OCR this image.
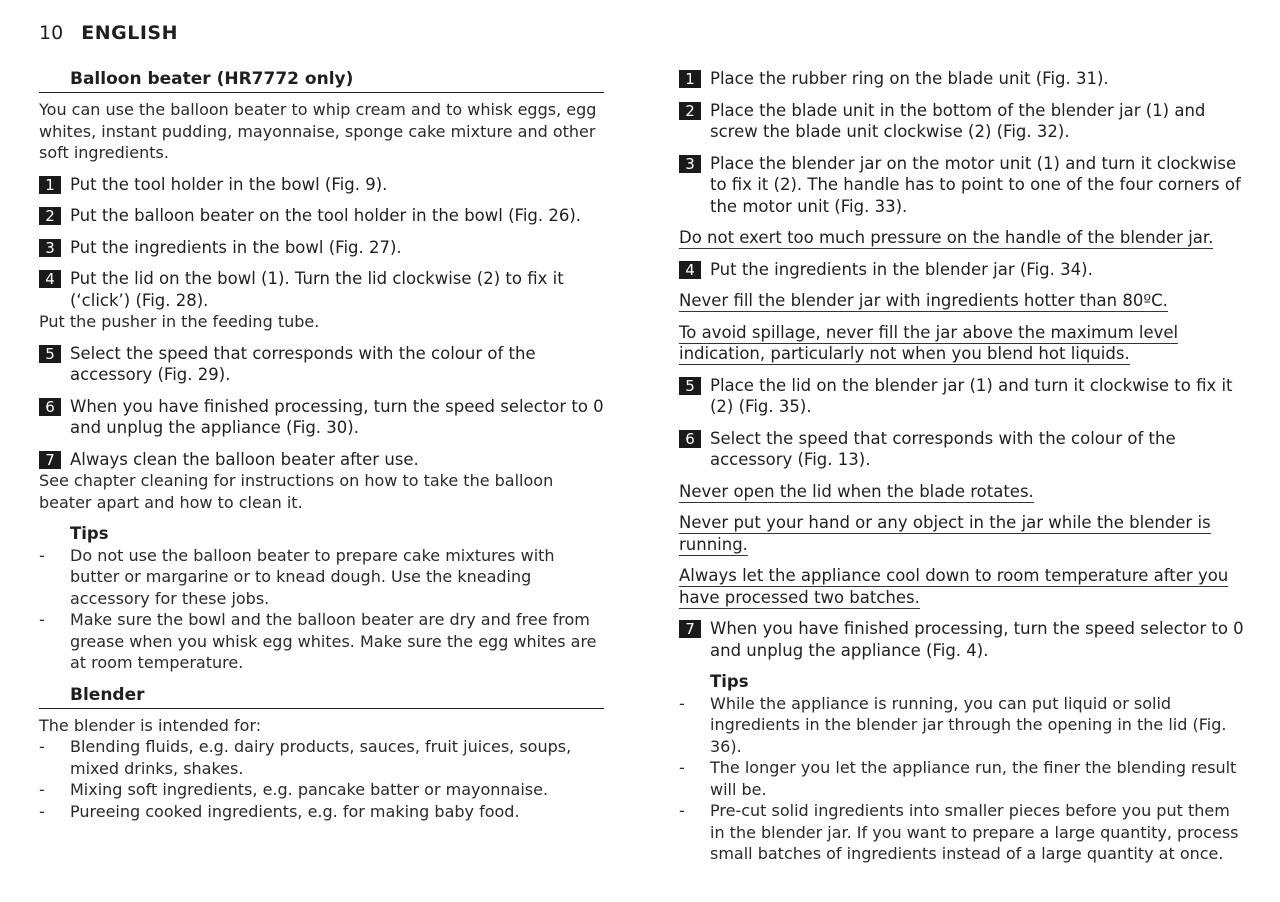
10 ENGLISH
Balloon beater (HR7772 only)
You can use the balloon beater to whip cream and to whisk eggs, egg whites, instant pudding, mayonnaise, sponge cake mixture and other soft ingredients.
1 Put the tool holder in the bowl (Fig. 9).
2 Put the balloon beater on the tool holder in the bowl (Fig. 26).
3 Put the ingredients in the bowl (Fig. 27).
4 Put the lid on the bowl (1). Turn the lid clockwise (2) to fix it (‘click’) (Fig. 28).
Put the pusher in the feeding tube.
5 Select the speed that corresponds with the colour of the accessory (Fig. 29).
6 When you have finished processing, turn the speed selector to 0 and unplug the appliance (Fig. 30).
7 Always clean the balloon beater after use.
See chapter cleaning for instructions on how to take the balloon beater apart and how to clean it.
Tips
- Do not use the balloon beater to prepare cake mixtures with butter or margarine or to knead dough. Use the kneading accessory for these jobs.
- Make sure the bowl and the balloon beater are dry and free from grease when you whisk egg whites. Make sure the egg whites are at room temperature.
Blender
The blender is intended for:
- Blending fluids, e.g. dairy products, sauces, fruit juices, soups, mixed drinks, shakes.
- Mixing soft ingredients, e.g. pancake batter or mayonnaise.
- Pureeing cooked ingredients, e.g. for making baby food.
1 Place the rubber ring on the blade unit (Fig. 31).
2 Place the blade unit in the bottom of the blender jar (1) and screw the blade unit clockwise (2) (Fig. 32).
3 Place the blender jar on the motor unit (1) and turn it clockwise to fix it (2). The handle has to point to one of the four corners of the motor unit (Fig. 33).
Do not exert too much pressure on the handle of the blender jar.
4 Put the ingredients in the blender jar (Fig. 34).
Never fill the blender jar with ingredients hotter than 80ºC.
To avoid spillage, never fill the jar above the maximum level indication, particularly not when you blend hot liquids.
5 Place the lid on the blender jar (1) and turn it clockwise to fix it (2) (Fig. 35).
6 Select the speed that corresponds with the colour of the accessory (Fig. 13).
Never open the lid when the blade rotates.
Never put your hand or any object in the jar while the blender is running.
Always let the appliance cool down to room temperature after you have processed two batches.
7 When you have finished processing, turn the speed selector to 0 and unplug the appliance (Fig. 4).
Tips
- While the appliance is running, you can put liquid or solid ingredients in the blender jar through the opening in the lid (Fig. 36).
- The longer you let the appliance run, the finer the blending result will be.
- Pre-cut solid ingredients into smaller pieces before you put them in the blender jar. If you want to prepare a large quantity, process small batches of ingredients instead of a large quantity at once.
